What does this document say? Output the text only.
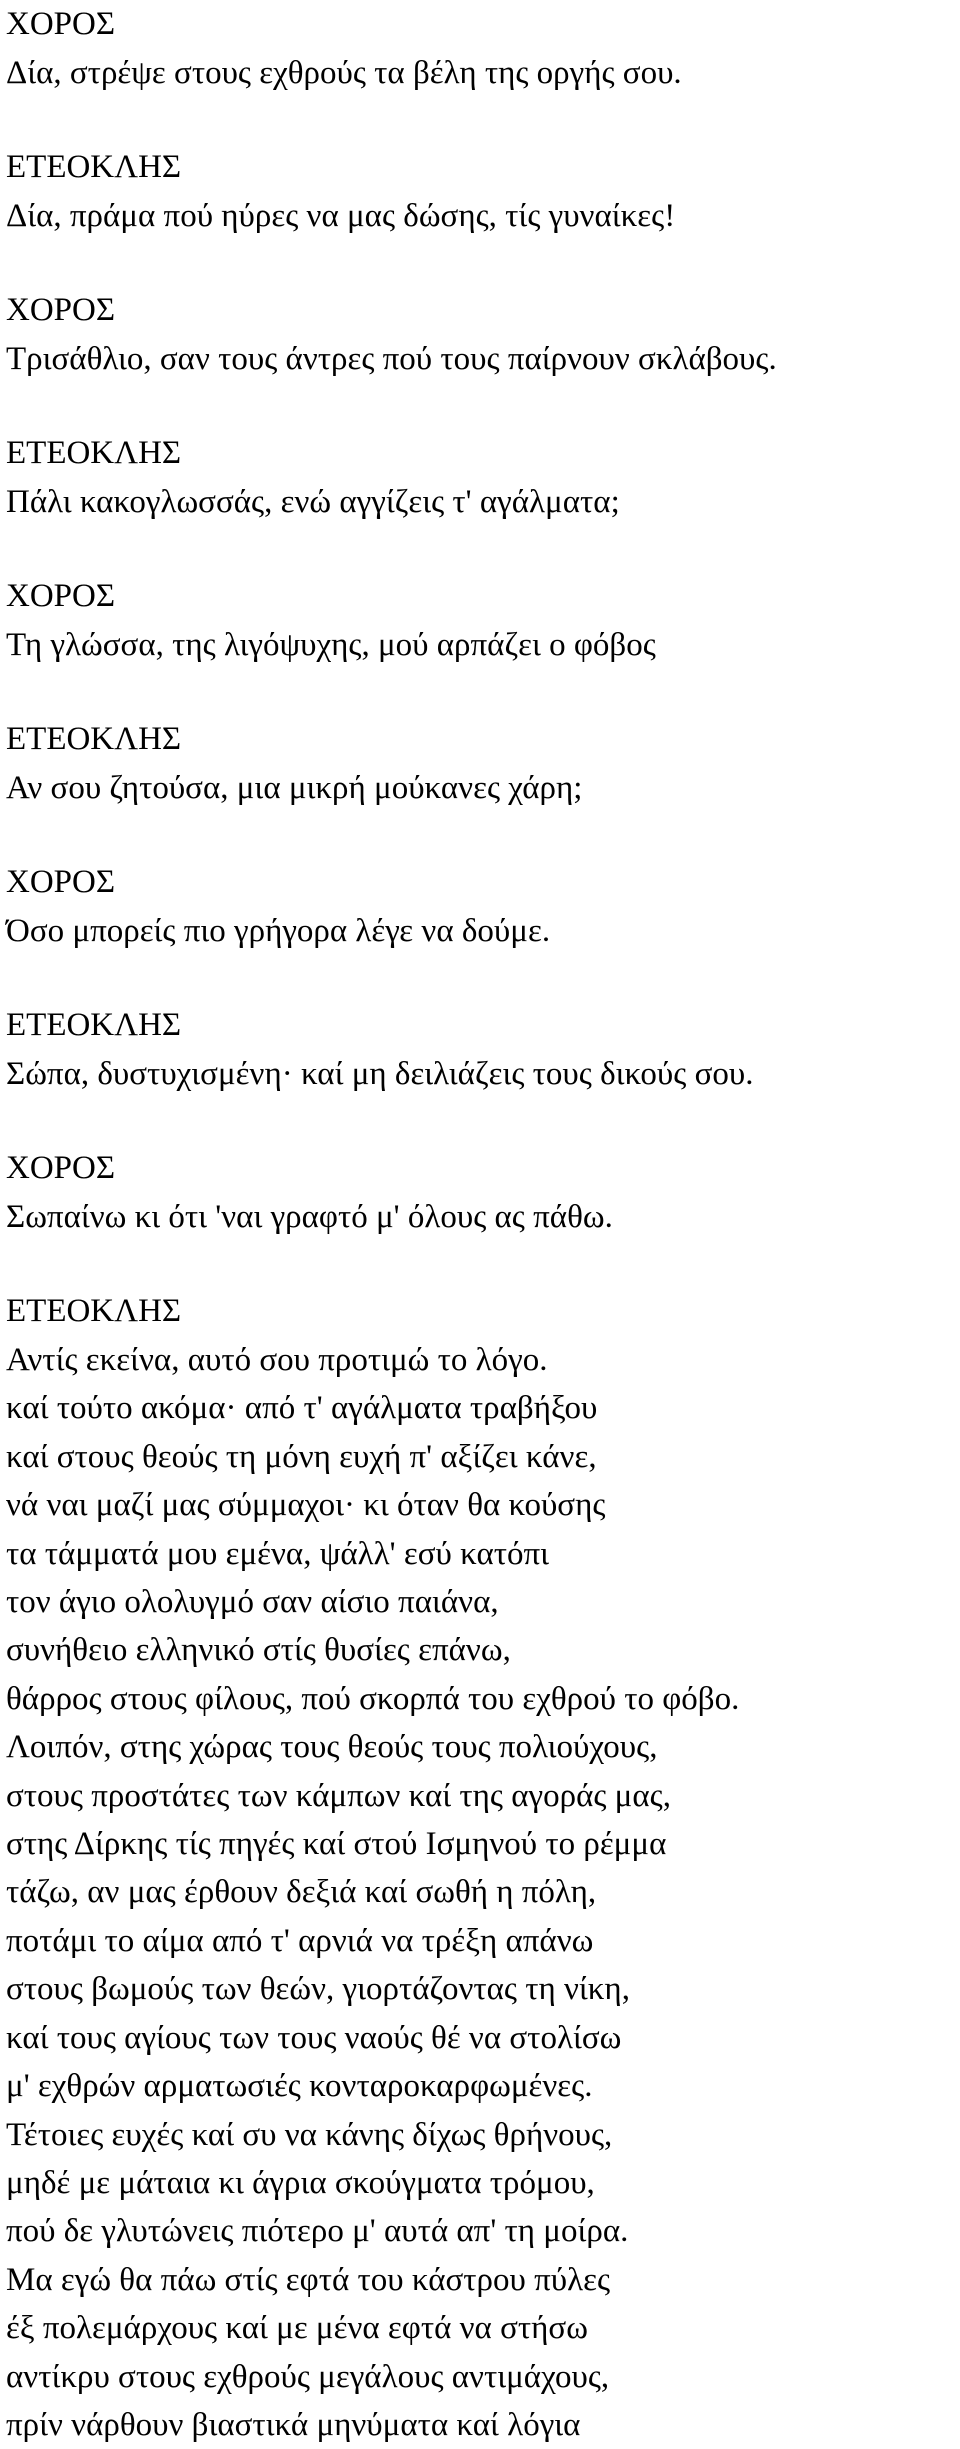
ΧΟΡΟΣ
Δία, στρέψε στους εχθρούς τα βέλη της οργής σου.
ΕΤΕΟΚΛΗΣ
Δία, πράμα πού ηύρες να μας δώσης, τίς γυναίκες!
ΧΟΡΟΣ
Τρισάθλιο, σαν τους άντρες πού τους παίρνουν σκλάβους.
ΕΤΕΟΚΛΗΣ
Πάλι κακογλωσσάς, ενώ αγγίζεις τ' αγάλματα;
ΧΟΡΟΣ
Τη γλώσσα, της λιγόψυχης, μού αρπάζει ο φόβος
ΕΤΕΟΚΛΗΣ
Αν σου ζητούσα, μια μικρή μούκανες χάρη;
ΧΟΡΟΣ
Όσο μπορείς πιο γρήγορα λέγε να δούμε.
ΕΤΕΟΚΛΗΣ
Σώπα, δυστυχισμένη· καί μη δειλιάζεις τους δικούς σου.
ΧΟΡΟΣ
Σωπαίνω κι ότι 'ναι γραφτό μ' όλους ας πάθω.
ΕΤΕΟΚΛΗΣ
Αντίς εκείνα, αυτό σου προτιμώ το λόγο.
καί τούτο ακόμα· από τ' αγάλματα τραβήξου
καί στους θεούς τη μόνη ευχή π' αξίζει κάνε,
νά ναι μαζί μας σύμμαχοι· κι όταν θα κούσης
τα τάμματά μου εμένα, ψάλλ' εσύ κατόπι
τον άγιο ολολυγμό σαν αίσιο παιάνα,
συνήθειο ελληνικό στίς θυσίες επάνω,
θάρρος στους φίλους, πού σκορπά του εχθρού το φόβο.
Λοιπόν, στης χώρας τους θεούς τους πολιούχους,
στους προστάτες των κάμπων καί της αγοράς μας,
στης Δίρκης τίς πηγές καί στού Ισμηνού το ρέμμα
τάζω, αν μας έρθουν δεξιά καί σωθή η πόλη,
ποτάμι το αίμα από τ' αρνιά να τρέξη απάνω
στους βωμούς των θεών, γιορτάζοντας τη νίκη,
καί τους αγίους των τους ναούς θέ να στολίσω
μ' εχθρών αρματωσιές κονταροκαρφωμένες.
Τέτοιες ευχές καί συ να κάνης δίχως θρήνους,
μηδέ με μάταια κι άγρια σκούγματα τρόμου,
πού δε γλυτώνεις πιότερο μ' αυτά απ' τη μοίρα.
Μα εγώ θα πάω στίς εφτά του κάστρου πύλες
έξ πολεμάρχους καί με μένα εφτά να στήσω
αντίκρυ στους εχθρούς μεγάλους αντιμάχους,
πρίν νάρθουν βιαστικά μηνύματα καί λόγια
